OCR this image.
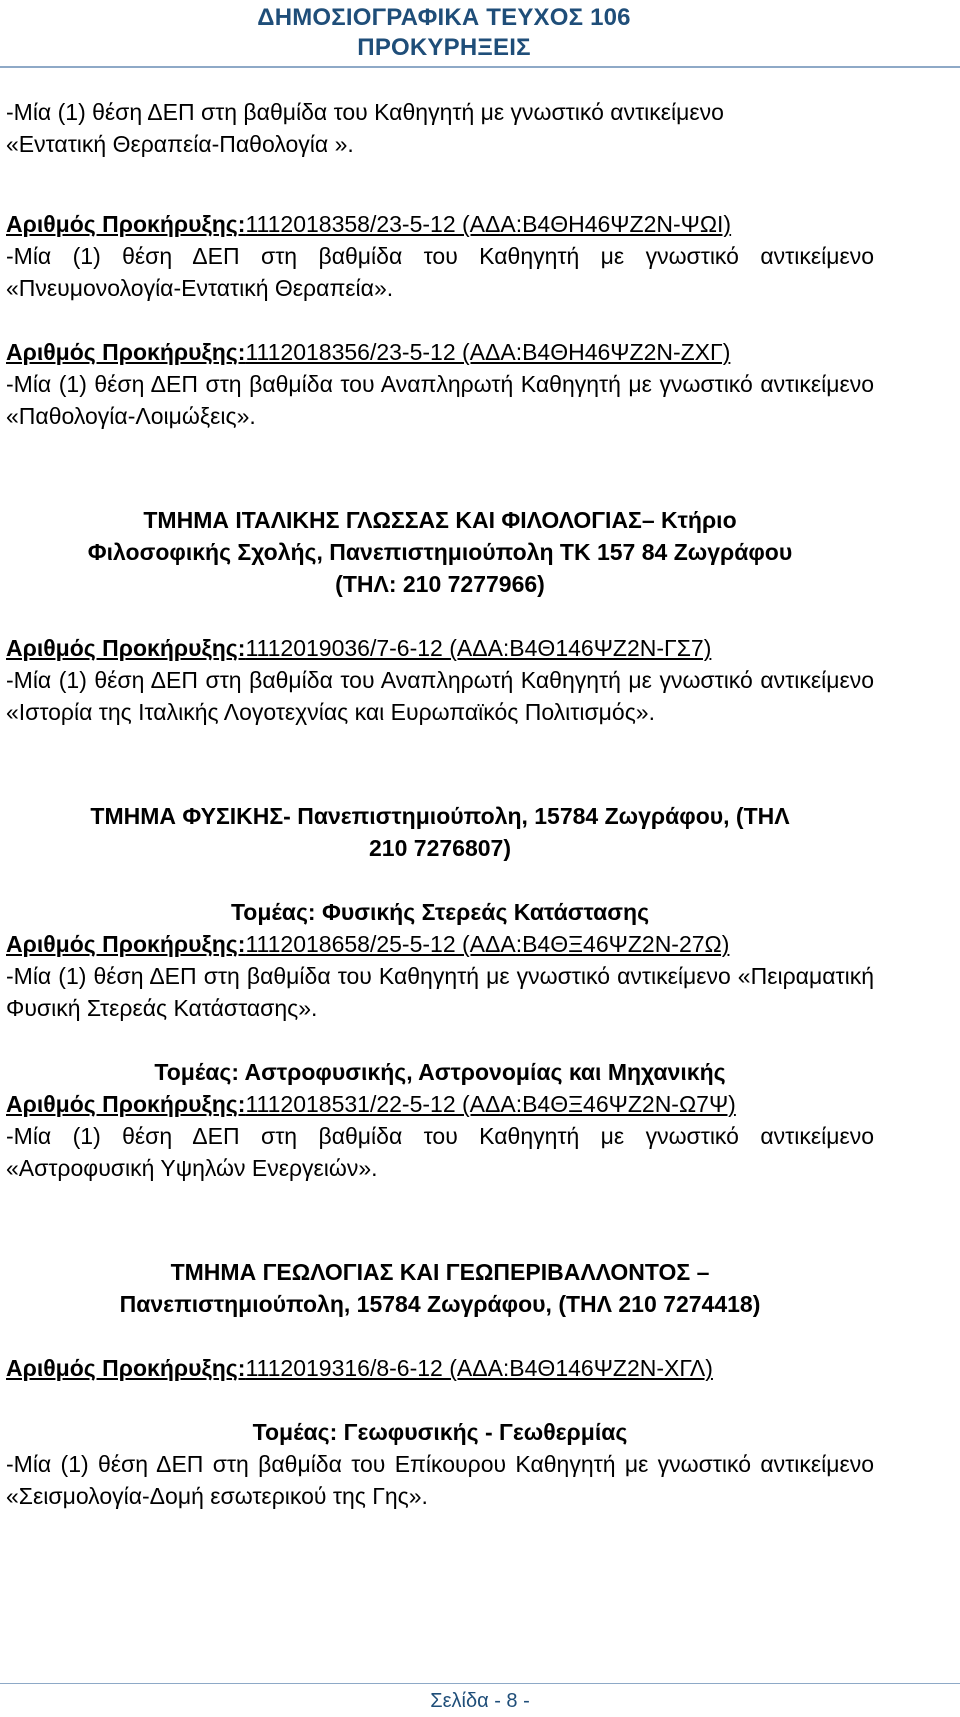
ΔΗΜΟΣΙΟΓΡΑΦΙΚΑ ΤΕΥΧΟΣ 106
ΠΡΟΚΥΡΗΞΕΙΣ

-Μία (1) θέση ΔΕΠ στη βαθμίδα του Καθηγητή με γνωστικό αντικείμενο
«Εντατική Θεραπεία-Παθολογία ».

Αριθμός Προκήρυξης:1112018358/23-5-12 (ΑΔΑ:Β4ΘΗ46ΨΖ2Ν-ΨΩΙ)

-Μία (1) θέση ΔΕΠ στη βαθμίδα του Καθηγητή με γνωστικό αντικείμενο «Πνευμονολογία-Εντατική Θεραπεία».

Αριθμός Προκήρυξης:1112018356/23-5-12 (ΑΔΑ:Β4ΘΗ46ΨΖ2Ν-ΖΧΓ)

-Μία (1) θέση ΔΕΠ στη βαθμίδα του Αναπληρωτή Καθηγητή με γνωστικό αντικείμενο «Παθολογία-Λοιμώξεις».

ΤΜΗΜΑ ΙΤΑΛΙΚΗΣ ΓΛΩΣΣΑΣ ΚΑΙ ΦΙΛΟΛΟΓΙΑΣ– Κτήριο

Φιλοσοφικής Σχολής, Πανεπιστημιούπολη ΤΚ 157 84 Ζωγράφου

(ΤΗΛ: 210 7277966)

Αριθμός Προκήρυξης:1112019036/7-6-12 (ΑΔΑ:Β4Θ146ΨΖ2Ν-ΓΣ7)

-Μία (1) θέση ΔΕΠ στη βαθμίδα του Αναπληρωτή Καθηγητή με γνωστικό αντικείμενο «Ιστορία της Ιταλικής Λογοτεχνίας και Ευρωπαϊκός Πολιτισμός».

ΤΜΗΜΑ ΦΥΣΙΚΗΣ- Πανεπιστημιούπολη, 15784 Ζωγράφου, (ΤΗΛ

210 7276807)

Τομέας: Φυσικής Στερεάς Κατάστασης

Αριθμός Προκήρυξης:1112018658/25-5-12 (ΑΔΑ:Β4ΘΞ46ΨΖ2Ν-27Ω)

-Μία (1) θέση ΔΕΠ στη βαθμίδα του Καθηγητή με γνωστικό αντικείμενο «Πειραματική Φυσική Στερεάς Κατάστασης».

Τομέας: Αστροφυσικής, Αστρονομίας και Μηχανικής

Αριθμός Προκήρυξης:1112018531/22-5-12 (ΑΔΑ:Β4ΘΞ46ΨΖ2Ν-Ω7Ψ)

-Μία (1) θέση ΔΕΠ στη βαθμίδα του Καθηγητή με γνωστικό αντικείμενο «Αστροφυσική Υψηλών Ενεργειών».

ΤΜΗΜΑ ΓΕΩΛΟΓΙΑΣ ΚΑΙ ΓΕΩΠΕΡΙΒΑΛΛΟΝΤΟΣ –

Πανεπιστημιούπολη, 15784 Ζωγράφου, (ΤΗΛ 210 7274418)

Αριθμός Προκήρυξης:1112019316/8-6-12 (ΑΔΑ:Β4Θ146ΨΖ2Ν-ΧΓΛ)

Τομέας: Γεωφυσικής - Γεωθερμίας

-Μία (1) θέση ΔΕΠ στη βαθμίδα του Επίκουρου Καθηγητή με γνωστικό αντικείμενο «Σεισμολογία-Δομή εσωτερικού της Γης».

Σελίδα - 8 -
